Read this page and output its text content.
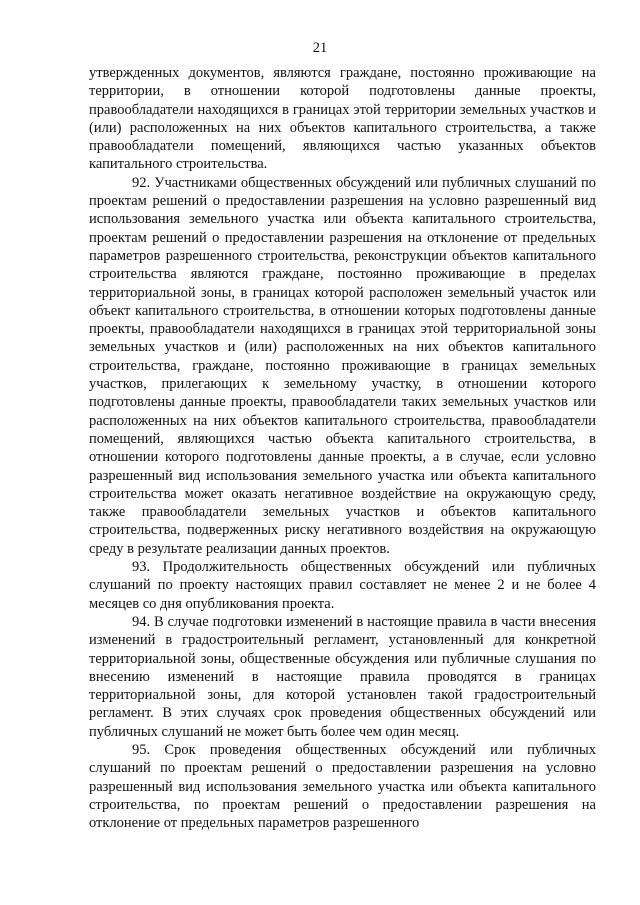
21

утвержденных документов, являются граждане, постоянно проживающие на территории, в отношении которой подготовлены данные проекты, правообладатели находящихся в границах этой территории земельных участков и (или) расположенных на них объектов капитального строительства, а также правообладатели помещений, являющихся частью указанных объектов капитального строительства.

92. Участниками общественных обсуждений или публичных слушаний по проектам решений о предоставлении разрешения на условно разрешенный вид использования земельного участка или объекта капитального строительства, проектам решений о предоставлении разрешения на отклонение от предельных параметров разрешенного строительства, реконструкции объектов капитального строительства являются граждане, постоянно проживающие в пределах территориальной зоны, в границах которой расположен земельный участок или объект капитального строительства, в отношении которых подготовлены данные проекты, правообладатели находящихся в границах этой территориальной зоны земельных участков и (или) расположенных на них объектов капитального строительства, граждане, постоянно проживающие в границах земельных участков, прилегающих к земельному участку, в отношении которого подготовлены данные проекты, правообладатели таких земельных участков или расположенных на них объектов капитального строительства, правообладатели помещений, являющихся частью объекта капитального строительства, в отношении которого подготовлены данные проекты, а в случае, если условно разрешенный вид использования земельного участка или объекта капитального строительства может оказать негативное воздействие на окружающую среду, также правообладатели земельных участков и объектов капитального строительства, подверженных риску негативного воздействия на окружающую среду в результате реализации данных проектов.

93. Продолжительность общественных обсуждений или публичных слушаний по проекту настоящих правил составляет не менее 2 и не более 4 месяцев со дня опубликования проекта.

94. В случае подготовки изменений в настоящие правила в части внесения изменений в градостроительный регламент, установленный для конкретной территориальной зоны, общественные обсуждения или публичные слушания по внесению изменений в настоящие правила проводятся в границах территориальной зоны, для которой установлен такой градостроительный регламент. В этих случаях срок проведения общественных обсуждений или публичных слушаний не может быть более чем один месяц.

95. Срок проведения общественных обсуждений или публичных слушаний по проектам решений о предоставлении разрешения на условно разрешенный вид использования земельного участка или объекта капитального строительства, по проектам решений о предоставлении разрешения на отклонение от предельных параметров разрешенного
